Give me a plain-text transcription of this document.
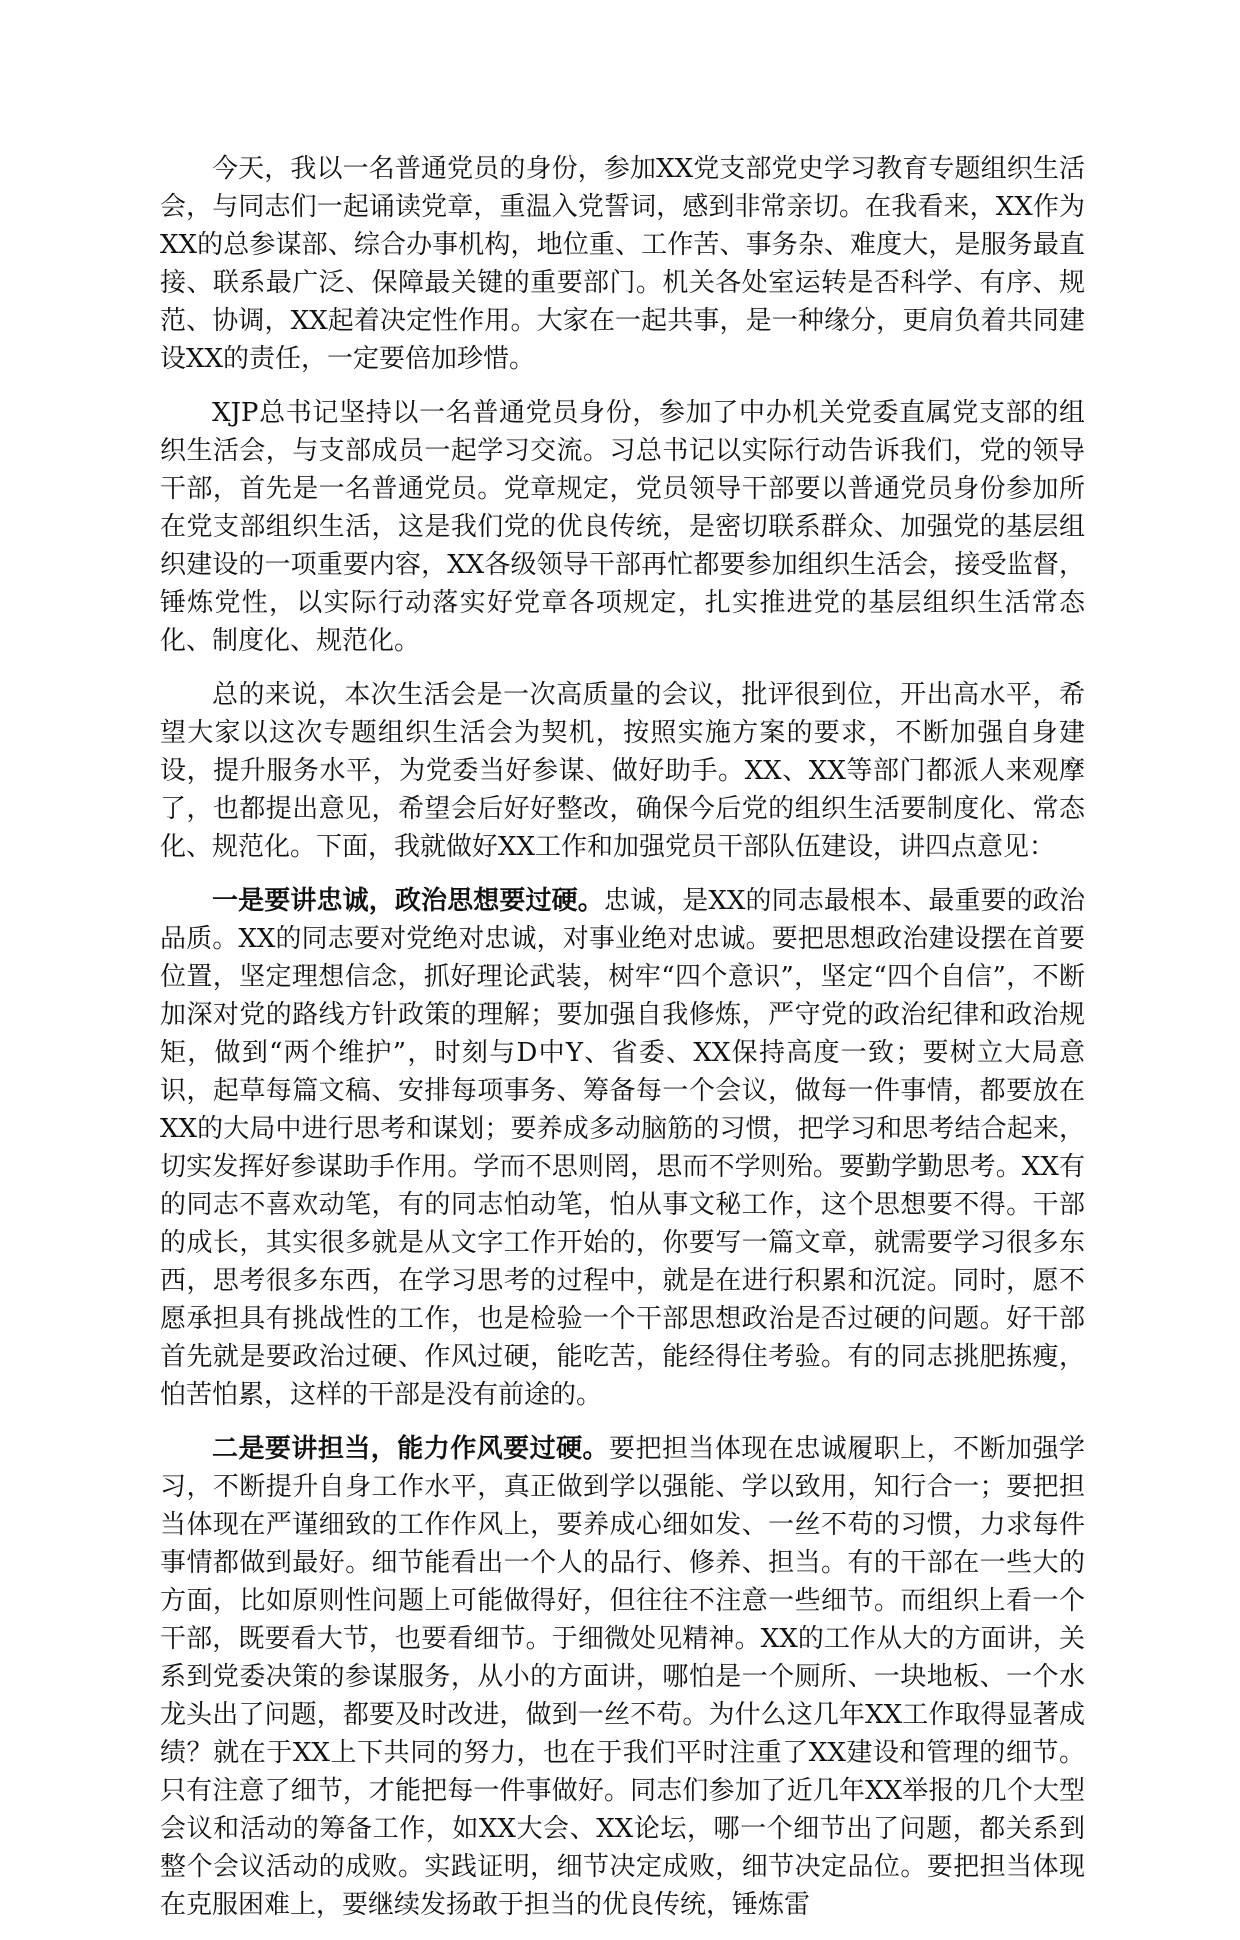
今天，我以一名普通党员的身份，参加XX党支部党史学习教育专题组织生活会，与同志们一起诵读党章，重温入党誓词，感到非常亲切。在我看来，XX作为XX的总参谋部、综合办事机构，地位重、工作苦、事务杂、难度大，是服务最直接、联系最广泛、保障最关键的重要部门。机关各处室运转是否科学、有序、规范、协调，XX起着决定性作用。大家在一起共事，是一种缘分，更肩负着共同建设XX的责任，一定要倍加珍惜。

XJP总书记坚持以一名普通党员身份，参加了中办机关党委直属党支部的组织生活会，与支部成员一起学习交流。习总书记以实际行动告诉我们，党的领导干部，首先是一名普通党员。党章规定，党员领导干部要以普通党员身份参加所在党支部组织生活，这是我们党的优良传统，是密切联系群众、加强党的基层组织建设的一项重要内容，XX各级领导干部再忙都要参加组织生活会，接受监督，锤炼党性，以实际行动落实好党章各项规定，扎实推进党的基层组织生活常态化、制度化、规范化。

总的来说，本次生活会是一次高质量的会议，批评很到位，开出高水平，希望大家以这次专题组织生活会为契机，按照实施方案的要求，不断加强自身建设，提升服务水平，为党委当好参谋、做好助手。XX、XX等部门都派人来观摩了，也都提出意见，希望会后好好整改，确保今后党的组织生活要制度化、常态化、规范化。下面，我就做好XX工作和加强党员干部队伍建设，讲四点意见：

一是要讲忠诚，政治思想要过硬。忠诚，是XX的同志最根本、最重要的政治品质。XX的同志要对党绝对忠诚，对事业绝对忠诚。要把思想政治建设摆在首要位置，坚定理想信念，抓好理论武装，树牢“四个意识”，坚定“四个自信”，不断加深对党的路线方针政策的理解；要加强自我修炼，严守党的政治纪律和政治规矩，做到“两个维护”，时刻与D中Y、省委、XX保持高度一致；要树立大局意识，起草每篇文稿、安排每项事务、筹备每一个会议，做每一件事情，都要放在XX的大局中进行思考和谋划；要养成多动脑筋的习惯，把学习和思考结合起来，切实发挥好参谋助手作用。学而不思则罔，思而不学则殆。要勤学勤思考。XX有的同志不喜欢动笔，有的同志怕动笔，怕从事文秘工作，这个思想要不得。干部的成长，其实很多就是从文字工作开始的，你要写一篇文章，就需要学习很多东西，思考很多东西，在学习思考的过程中，就是在进行积累和沉淀。同时，愿不愿承担具有挑战性的工作，也是检验一个干部思想政治是否过硬的问题。好干部首先就是要政治过硬、作风过硬，能吃苦，能经得住考验。有的同志挑肥拣瘦，怕苦怕累，这样的干部是没有前途的。

二是要讲担当，能力作风要过硬。要把担当体现在忠诚履职上，不断加强学习，不断提升自身工作水平，真正做到学以强能、学以致用，知行合一；要把担当体现在严谨细致的工作作风上，要养成心细如发、一丝不苟的习惯，力求每件事情都做到最好。细节能看出一个人的品行、修养、担当。有的干部在一些大的方面，比如原则性问题上可能做得好，但往往不注意一些细节。而组织上看一个干部，既要看大节，也要看细节。于细微处见精神。XX的工作从大的方面讲，关系到党委决策的参谋服务，从小的方面讲，哪怕是一个厕所、一块地板、一个水龙头出了问题，都要及时改进，做到一丝不苟。为什么这几年XX工作取得显著成绩？就在于XX上下共同的努力，也在于我们平时注重了XX建设和管理的细节。只有注意了细节，才能把每一件事做好。同志们参加了近几年XX举报的几个大型会议和活动的筹备工作，如XX大会、XX论坛，哪一个细节出了问题，都关系到整个会议活动的成败。实践证明，细节决定成败，细节决定品位。要把担当体现在克服困难上，要继续发扬敢于担当的优良传统，锤炼雷
